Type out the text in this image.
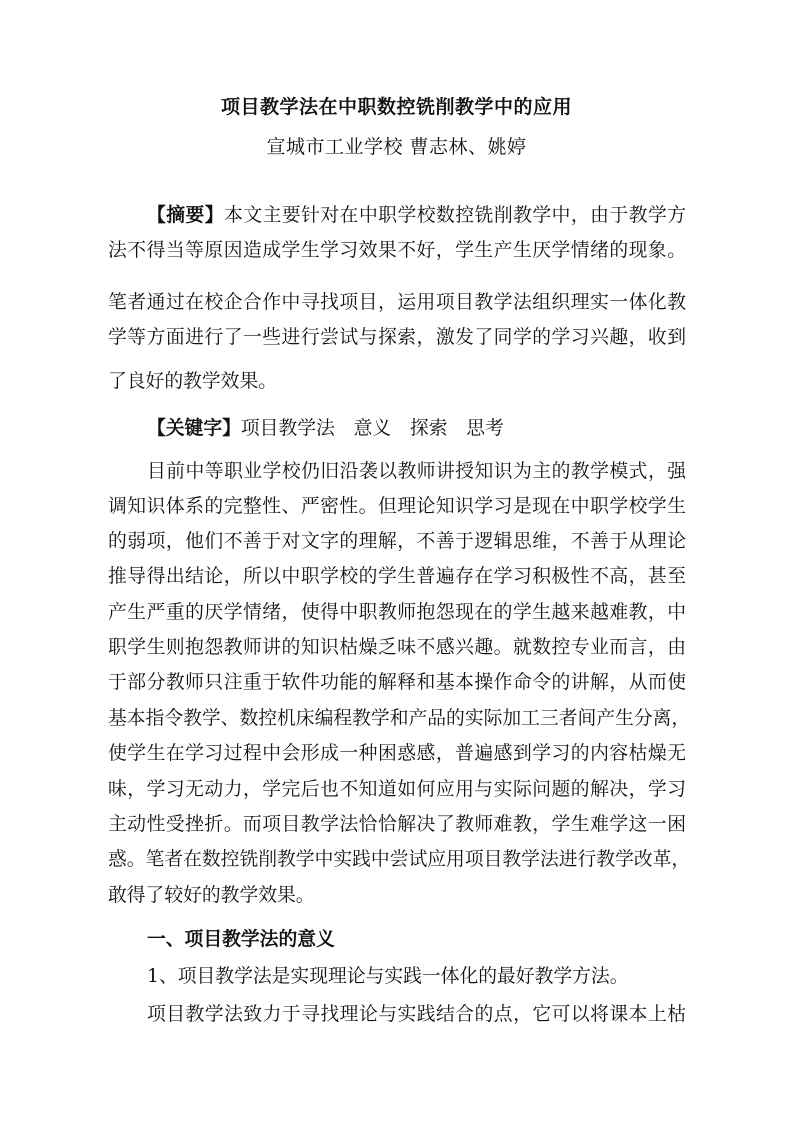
项目教学法在中职数控铣削教学中的应用
宣城市工业学校 曹志林、姚婷
【摘要】本文主要针对在中职学校数控铣削教学中，由于教学方
法不得当等原因造成学生学习效果不好，学生产生厌学情绪的现象。
笔者通过在校企合作中寻找项目，运用项目教学法组织理实一体化教
学等方面进行了一些进行尝试与探索，激发了同学的学习兴趣，收到
了良好的教学效果。
【关键字】项目教学法　意义　探索　思考
目前中等职业学校仍旧沿袭以教师讲授知识为主的教学模式，强
调知识体系的完整性、严密性。但理论知识学习是现在中职学校学生
的弱项，他们不善于对文字的理解，不善于逻辑思维，不善于从理论
推导得出结论，所以中职学校的学生普遍存在学习积极性不高，甚至
产生严重的厌学情绪，使得中职教师抱怨现在的学生越来越难教，中
职学生则抱怨教师讲的知识枯燥乏味不感兴趣。就数控专业而言，由
于部分教师只注重于软件功能的解释和基本操作命令的讲解，从而使
基本指令教学、数控机床编程教学和产品的实际加工三者间产生分离，
使学生在学习过程中会形成一种困惑感，普遍感到学习的内容枯燥无
味，学习无动力，学完后也不知道如何应用与实际问题的解决，学习
主动性受挫折。而项目教学法恰恰解决了教师难教，学生难学这一困
惑。笔者在数控铣削教学中实践中尝试应用项目教学法进行教学改革，
敢得了较好的教学效果。
一、项目教学法的意义
1、项目教学法是实现理论与实践一体化的最好教学方法。
项目教学法致力于寻找理论与实践结合的点，它可以将课本上枯
